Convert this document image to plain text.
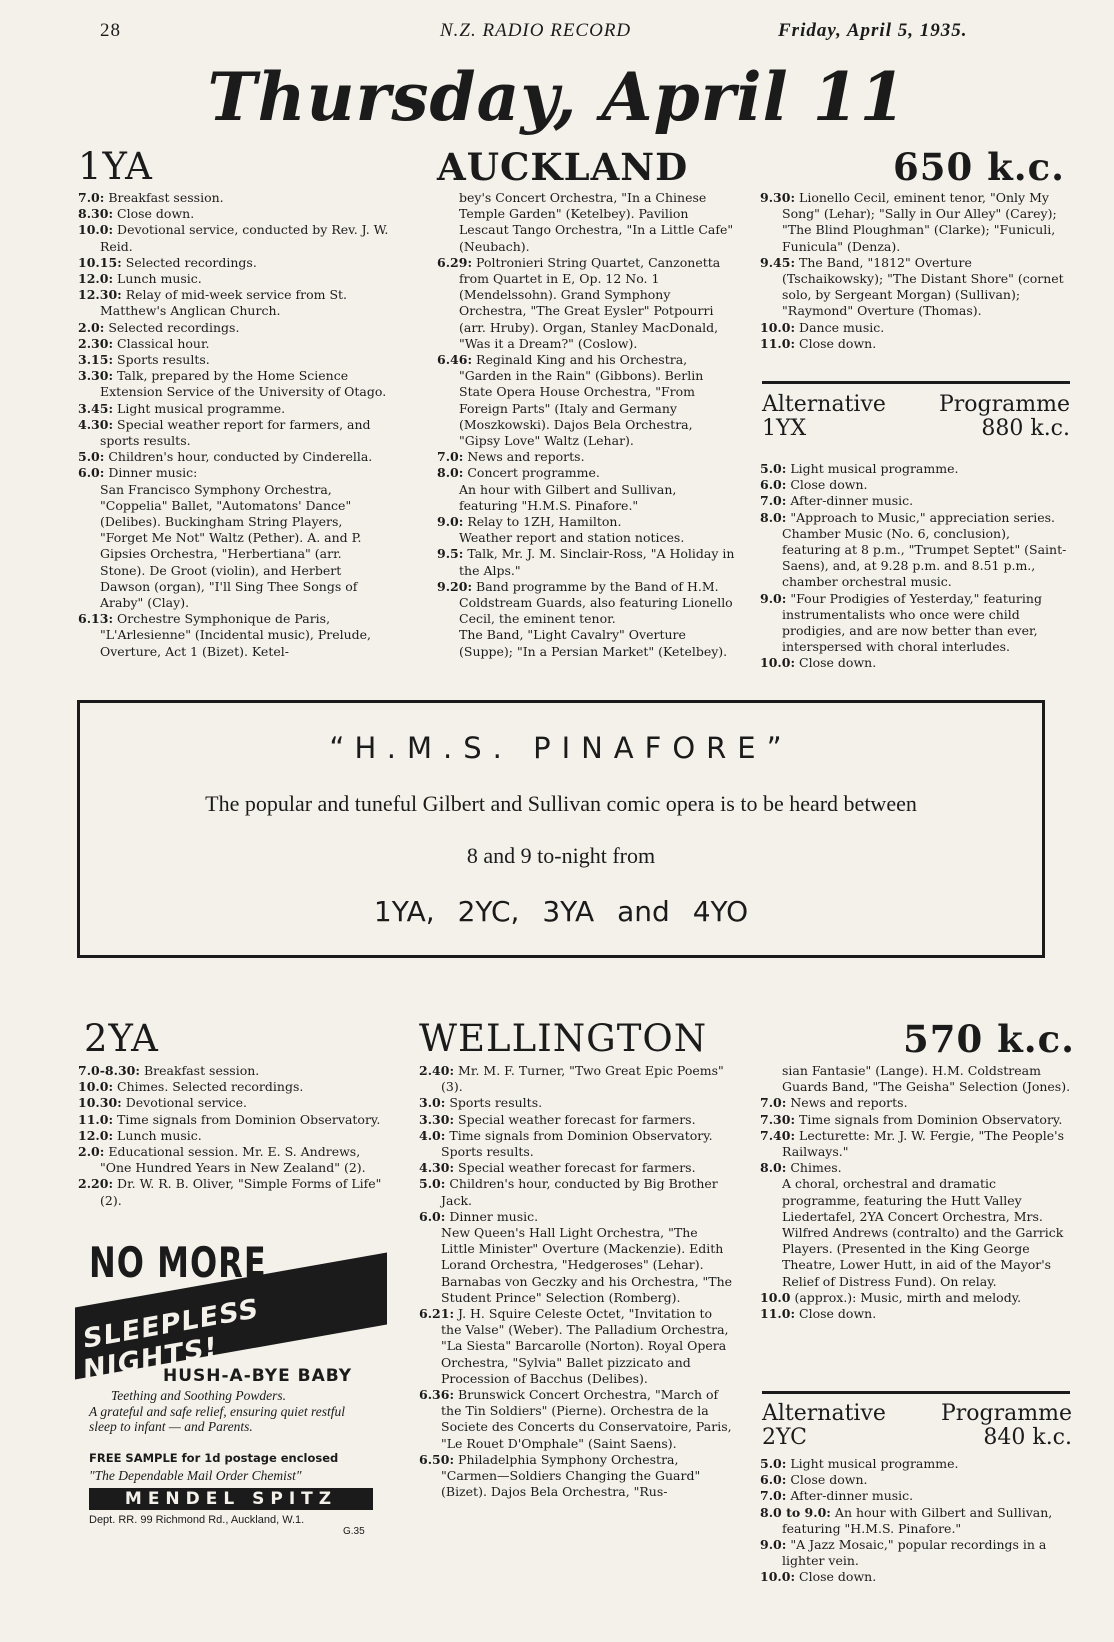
28	N.Z. RADIO RECORD	Friday, April 5, 1935.
Thursday, April 11
1YA	AUCKLAND	650 k.c.

7.0: Breakfast session.

8.30: Close down.

10.0: Devotional service, conducted by Rev. J. W. Reid.

10.15: Selected recordings.

12.0: Lunch music.

12.30: Relay of mid-week service from St. Matthew's Anglican Church.

2.0: Selected recordings.

2.30: Classical hour.

3.15: Sports results.

3.30: Talk, prepared by the Home Science Extension Service of the University of Otago.

3.45: Light musical programme.

4.30: Special weather report for farmers, and sports results.

5.0: Children's hour, conducted by Cinderella.

6.0: Dinner music:

San Francisco Symphony Orchestra, "Coppelia" Ballet, "Automatons' Dance" (Delibes). Buckingham String Players, "Forget Me Not" Waltz (Pether). A. and P. Gipsies Orchestra, "Herbertiana" (arr. Stone). De Groot (violin), and Herbert Dawson (organ), "I'll Sing Thee Songs of Araby" (Clay).

6.13: Orchestre Symphonique de Paris, "L'Arlesienne" (Incidental music), Prelude, Overture, Act 1 (Bizet). Ketel-

bey's Concert Orchestra, "In a Chinese Temple Garden" (Ketelbey). Pavilion Lescaut Tango Orchestra, "In a Little Cafe" (Neubach).

6.29: Poltronieri String Quartet, Canzonetta from Quartet in E, Op. 12 No. 1 (Mendelssohn). Grand Symphony Orchestra, "The Great Eysler" Potpourri (arr. Hruby). Organ, Stanley MacDonald, "Was it a Dream?" (Coslow).

6.46: Reginald King and his Orchestra, "Garden in the Rain" (Gibbons). Berlin State Opera House Orchestra, "From Foreign Parts" (Italy and Germany (Moszkowski). Dajos Bela Orchestra, "Gipsy Love" Waltz (Lehar).

7.0: News and reports.

8.0: Concert programme.

An hour with Gilbert and Sullivan, featuring "H.M.S. Pinafore."

9.0: Relay to 1ZH, Hamilton.

Weather report and station notices.

9.5: Talk, Mr. J. M. Sinclair-Ross, "A Holiday in the Alps."

9.20: Band programme by the Band of H.M. Coldstream Guards, also featuring Lionello Cecil, the eminent tenor.

The Band, "Light Cavalry" Overture (Suppe); "In a Persian Market" (Ketelbey).

9.30: Lionello Cecil, eminent tenor, "Only My Song" (Lehar); "Sally in Our Alley" (Carey); "The Blind Ploughman" (Clarke); "Funiculi, Funicula" (Denza).

9.45: The Band, "1812" Overture (Tschaikowsky); "The Distant Shore" (cornet solo, by Sergeant Morgan) (Sullivan); "Raymond" Overture (Thomas).

10.0: Dance music.

11.0: Close down.

Alternative Programme
1YX	880 k.c.

5.0: Light musical programme.

6.0: Close down.

7.0: After-dinner music.

8.0: "Approach to Music," appreciation series. Chamber Music (No. 6, conclusion), featuring at 8 p.m., "Trumpet Septet" (Saint-Saens), and, at 9.28 p.m. and 8.51 p.m., chamber orchestral music.

9.0: "Four Prodigies of Yesterday," featuring instrumentalists who once were child prodigies, and are now better than ever, interspersed with choral interludes.

10.0: Close down.

“H.M.S. PINAFORE”
The popular and tuneful Gilbert and Sullivan comic opera is to be heard between
8 and 9 to-night from
1YA, 2YC, 3YA and 4YO
2YA	WELLINGTON	570 k.c.

7.0-8.30: Breakfast session.

10.0: Chimes. Selected recordings.

10.30: Devotional service.

11.0: Time signals from Dominion Observatory.

12.0: Lunch music.

2.0: Educational session. Mr. E. S. Andrews, "One Hundred Years in New Zealand" (2).

2.20: Dr. W. R. B. Oliver, "Simple Forms of Life" (2).

2.40: Mr. M. F. Turner, "Two Great Epic Poems" (3).

3.0: Sports results.

3.30: Special weather forecast for farmers.

4.0: Time signals from Dominion Observatory. Sports results.

4.30: Special weather forecast for farmers.

5.0: Children's hour, conducted by Big Brother Jack.

6.0: Dinner music.

New Queen's Hall Light Orchestra, "The Little Minister" Overture (Mackenzie). Edith Lorand Orchestra, "Hedgeroses" (Lehar). Barnabas von Geczky and his Orchestra, "The Student Prince" Selection (Romberg).

6.21: J. H. Squire Celeste Octet, "Invitation to the Valse" (Weber). The Palladium Orchestra, "La Siesta" Barcarolle (Norton). Royal Opera Orchestra, "Sylvia" Ballet pizzicato and Procession of Bacchus (Delibes).

6.36: Brunswick Concert Orchestra, "March of the Tin Soldiers" (Pierne). Orchestra de la Societe des Concerts du Conservatoire, Paris, "Le Rouet D'Omphale" (Saint Saens).

6.50: Philadelphia Symphony Orchestra, "Carmen—Soldiers Changing the Guard" (Bizet). Dajos Bela Orchestra, "Rus-

sian Fantasie" (Lange). H.M. Coldstream Guards Band, "The Geisha" Selection (Jones).

7.0: News and reports.

7.30: Time signals from Dominion Observatory.

7.40: Lecturette: Mr. J. W. Fergie, "The People's Railways."

8.0: Chimes.

A choral, orchestral and dramatic programme, featuring the Hutt Valley Liedertafel, 2YA Concert Orchestra, Mrs. Wilfred Andrews (contralto) and the Garrick Players. (Presented in the King George Theatre, Lower Hutt, in aid of the Mayor's Relief of Distress Fund). On relay.

10.0 (approx.): Music, mirth and melody.

11.0: Close down.

Alternative	Programme
2YC	840 k.c.

5.0: Light musical programme.

6.0: Close down.

7.0: After-dinner music.

8.0 to 9.0: An hour with Gilbert and Sullivan, featuring "H.M.S. Pinafore."

9.0: "A Jazz Mosaic," popular recordings in a lighter vein.

10.0: Close down.

NO MORE
SLEEPLESS NIGHTS!
HUSH-A-BYE BABY
Teething and Soothing Powders.
A grateful and safe relief, ensuring quiet restful sleep to infant — and Parents.
FREE SAMPLE for 1d postage enclosed
"The Dependable Mail Order Chemist"
MENDEL SPITZ
Dept. RR. 99 Richmond Rd., Auckland, W.1.
G.35
